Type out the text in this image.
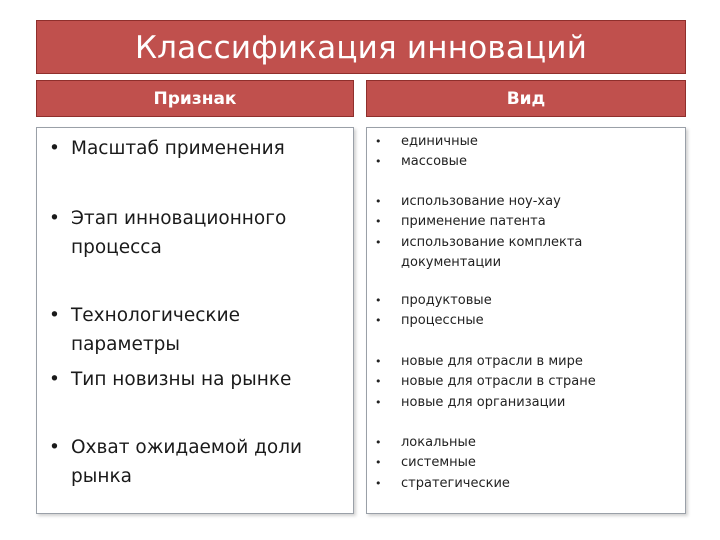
Классификация инноваций
Признак	Вид

• Масштаб применения

• Этап инновационного процесса

• Технологические параметры

• Тип новизны на рынке

• Охват ожидаемой доли рынка

• единичные
• массовые
• использование ноу-хау
• применение патента
• использование комплекта документации
• продуктовые
• процессные
• новые для отрасли в мире
• новые для отрасли в стране
• новые для организации
• локальные
• системные
• стратегические
